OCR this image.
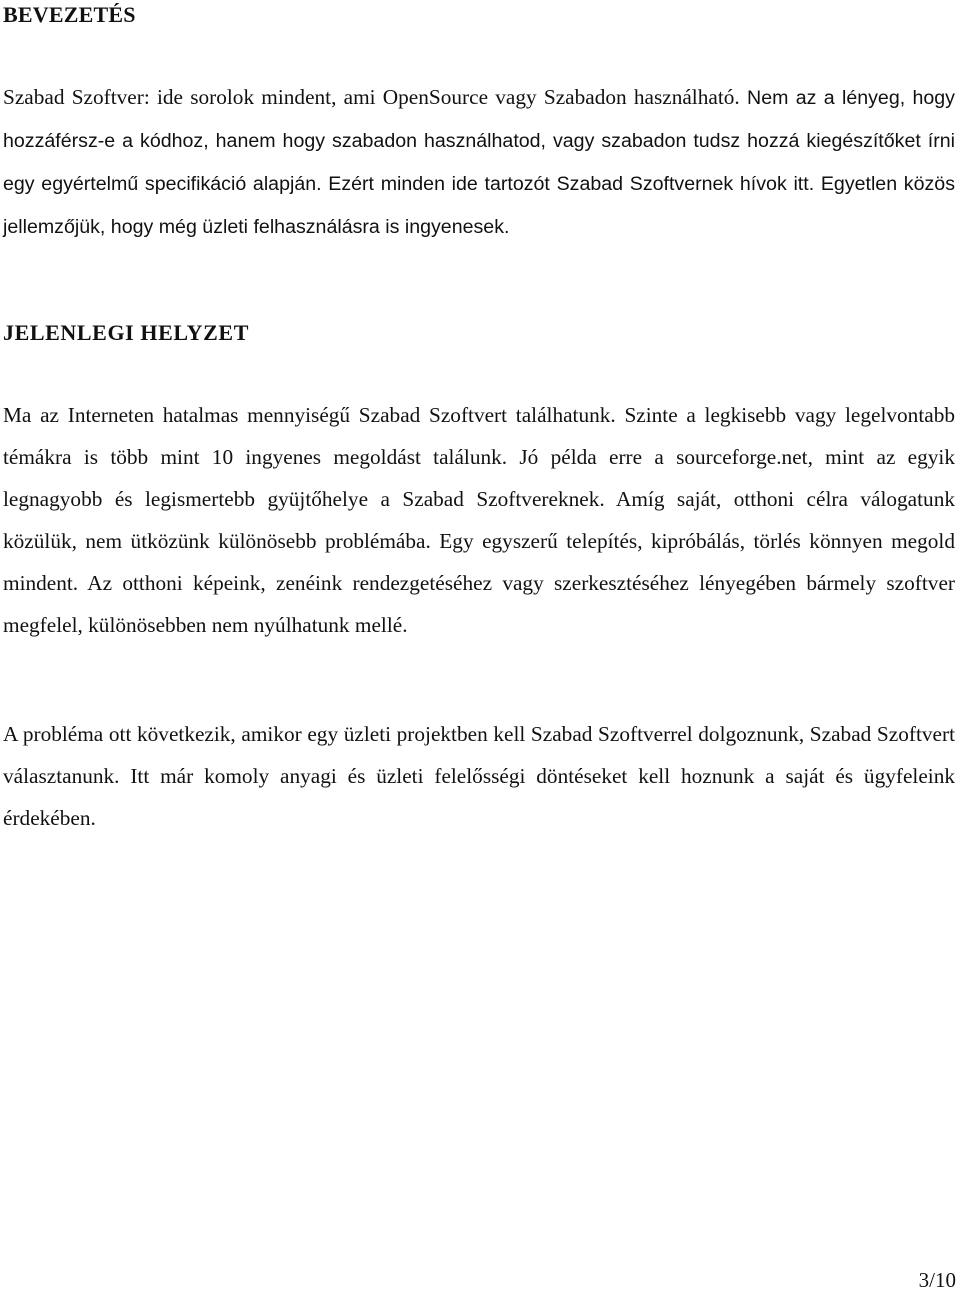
BEVEZETÉS

Szabad Szoftver: ide sorolok mindent, ami OpenSource vagy Szabadon használható. Nem az a lényeg, hogy hozzáférsz-e a kódhoz, hanem hogy szabadon használhatod, vagy szabadon tudsz hozzá kiegészítőket írni egy egyértelmű specifikáció alapján. Ezért minden ide tartozót Szabad Szoftvernek hívok itt. Egyetlen közös jellemzőjük, hogy még üzleti felhasználásra is ingyenesek.

JELENLEGI HELYZET

Ma az Interneten hatalmas mennyiségű Szabad Szoftvert találhatunk. Szinte a legkisebb vagy legelvontabb témákra is több mint 10 ingyenes megoldást találunk. Jó példa erre a sourceforge.net, mint az egyik legnagyobb és legismertebb gyüjtőhelye a Szabad Szoftvereknek. Amíg saját, otthoni célra válogatunk közülük, nem ütközünk különösebb problémába. Egy egyszerű telepítés, kipróbálás, törlés könnyen megold mindent. Az otthoni képeink, zenéink rendezgetéséhez vagy szerkesztéséhez lényegében bármely szoftver megfelel, különösebben nem nyúlhatunk mellé.

A probléma ott következik, amikor egy üzleti projektben kell Szabad Szoftverrel dolgoznunk, Szabad Szoftvert választanunk. Itt már komoly anyagi és üzleti felelősségi döntéseket kell hoznunk a saját és ügyfeleink érdekében.

3/10
